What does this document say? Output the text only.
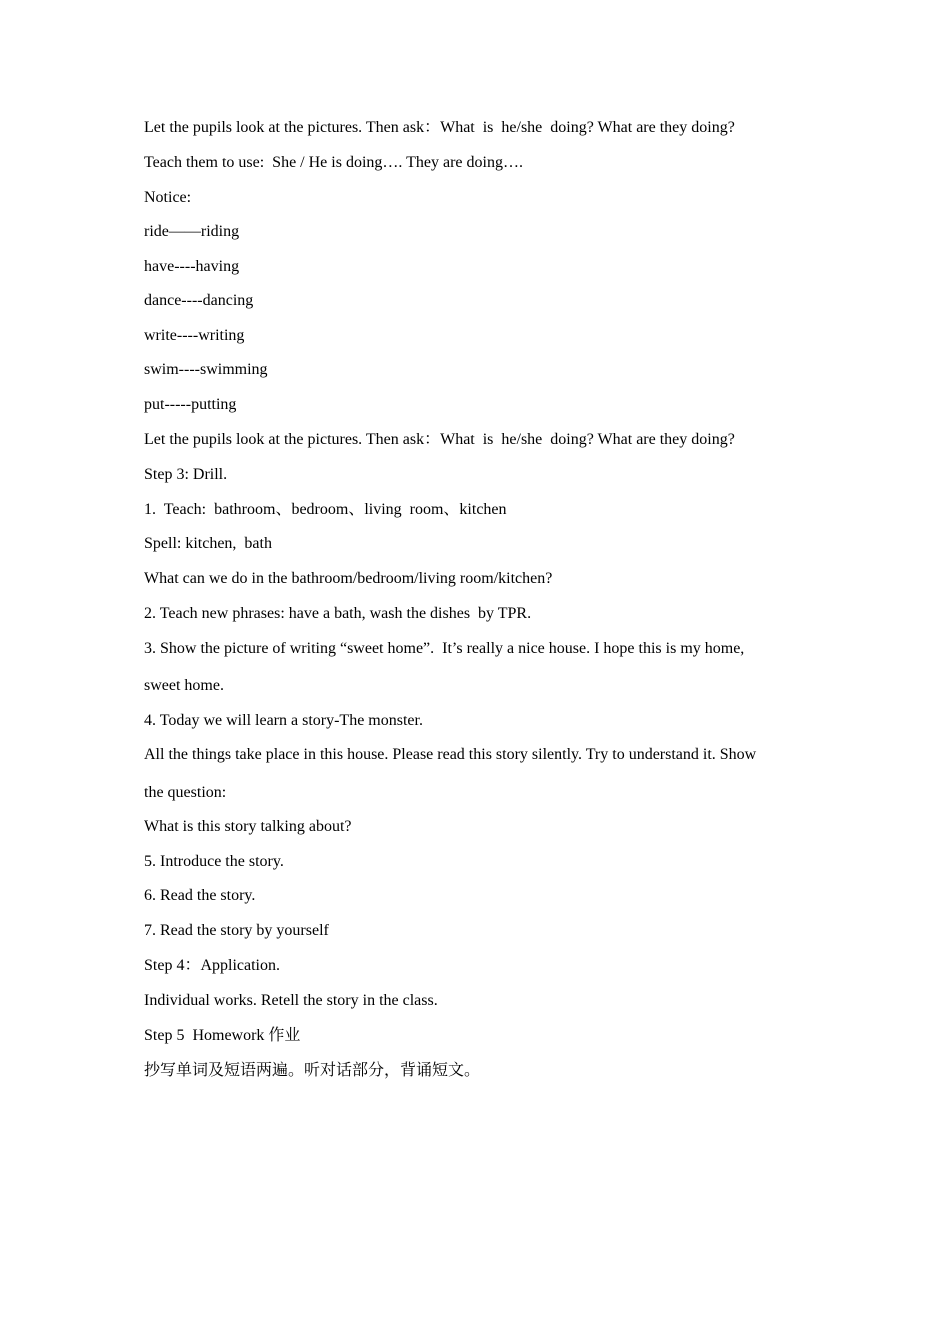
Let the pupils look at the pictures. Then ask：What  is  he/she  doing? What are they doing?

Teach them to use:  She / He is doing…. They are doing….

Notice:

ride——riding

have----having

dance----dancing

write----writing

swim----swimming

put-----putting

Let the pupils look at the pictures. Then ask：What  is  he/she  doing? What are they doing?

Step 3: Drill.

1.  Teach:  bathroom、bedroom、living  room、kitchen

Spell: kitchen,  bath

What can we do in the bathroom/bedroom/living room/kitchen?

2. Teach new phrases: have a bath, wash the dishes  by TPR.

3. Show the picture of writing “sweet home”.  It’s really a nice house. I hope this is my home,

sweet home.

4. Today we will learn a story-The monster.

All the things take place in this house. Please read this story silently. Try to understand it. Show

the question:

What is this story talking about?

5. Introduce the story.

6. Read the story.

7. Read the story by yourself

Step 4：Application.

Individual works. Retell the story in the class.

Step 5  Homework 作业

抄写单词及短语两遍。听对话部分，背诵短文。
